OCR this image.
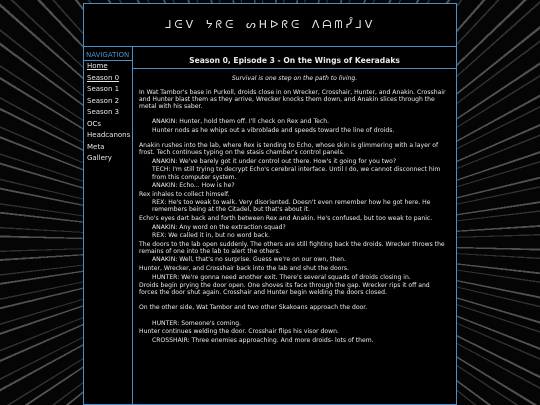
ᒧᕮᐯ ᔭᖇᕮ ᔕᕼᐅᖇᕮ ᐱᗩᗰᓮᒧᐯ
NAVIGATION
Home
Season 0
Season 1
Season 2
Season 3
OCs
Headcanons
Meta
Gallery
Season 0, Episode 3 - On the Wings of Keeradaks
Survival is one step on the path to living.
In Wat Tambor's base in Purkoll, droids close in on Wrecker, Crosshair, Hunter, and Anakin. Crosshair and Hunter blast them as they arrive, Wrecker knocks them down, and Anakin slices through the metal with his saber.
ANAKIN: Hunter, hold them off. I'll check on Rex and Tech.
Hunter nods as he whips out a vibroblade and speeds toward the line of droids.
Anakin rushes into the lab, where Rex is tending to Echo, whose skin is glimmering with a layer of frost. Tech continues typing on the stasis chamber's control panels.
ANAKIN: We've barely got it under control out there. How's it going for you two?
TECH: I'm still trying to decrypt Echo's cerebral interface. Until I do, we cannot disconnect him from this computer system.
ANAKIN: Echo... How is he?
Rex inhales to collect himself.
REX: He's too weak to walk. Very disoriented. Doesn't even remember how he got here. He remembers being at the Citadel, but that's about it.
Echo's eyes dart back and forth between Rex and Anakin. He's confused, but too weak to panic.
ANAKIN: Any word on the extraction squad?
REX: We called it in, but no word back.
The doors to the lab open suddenly. The others are still fighting back the droids. Wrecker throws the remains of one into the lab to alert the others.
ANAKIN: Well, that's no surprise. Guess we're on our own, then.
Hunter, Wrecker, and Crosshair back into the lab and shut the doors.
HUNTER: We're gonna need another exit. There's several squads of droids closing in.
Droids begin prying the door open. One shoves its face through the gap. Wrecker rips it off and forces the door shut again. Crosshair and Hunter begin welding the doors closed.
On the other side, Wat Tambor and two other Skakoans approach the door.
HUNTER: Someone's coming.
Hunter continues welding the door. Crosshair flips his visor down.
CROSSHAIR: Three enemies approaching. And more droids- lots of them.
